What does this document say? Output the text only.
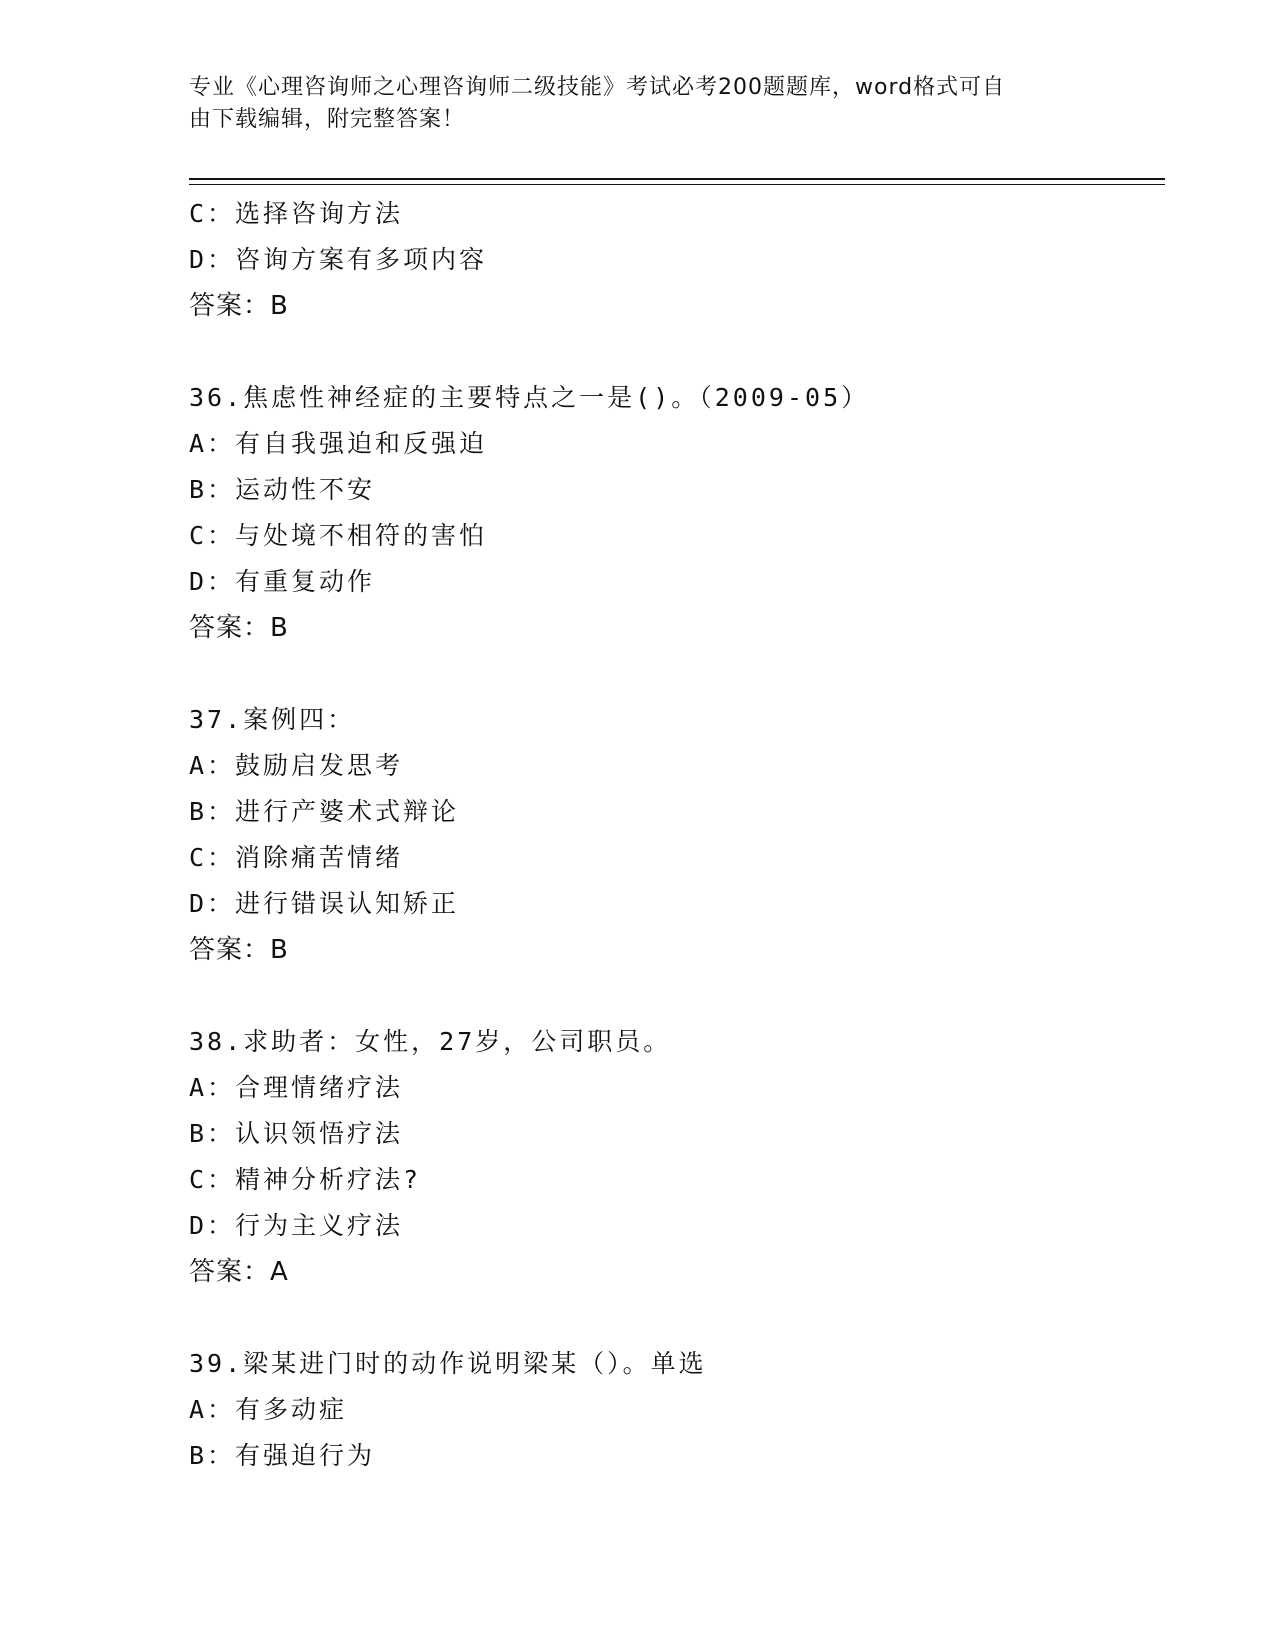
专业《心理咨询师之心理咨询师二级技能》考试必考200题题库，word格式可自
由下载编辑，附完整答案！
C：选择咨询方法
D：咨询方案有多项内容
答案：B
36.焦虑性神经症的主要特点之一是()。（2009-05）
A：有自我强迫和反强迫
B：运动性不安
C：与处境不相符的害怕
D：有重复动作
答案：B
37.案例四：
A：鼓励启发思考
B：进行产婆术式辩论
C：消除痛苦情绪
D：进行错误认知矫正
答案：B
38.求助者：女性，27岁，公司职员。
A：合理情绪疗法
B：认识领悟疗法
C：精神分析疗法?
D：行为主义疗法
答案：A
39.梁某进门时的动作说明梁某（）。单选
A：有多动症
B：有强迫行为
